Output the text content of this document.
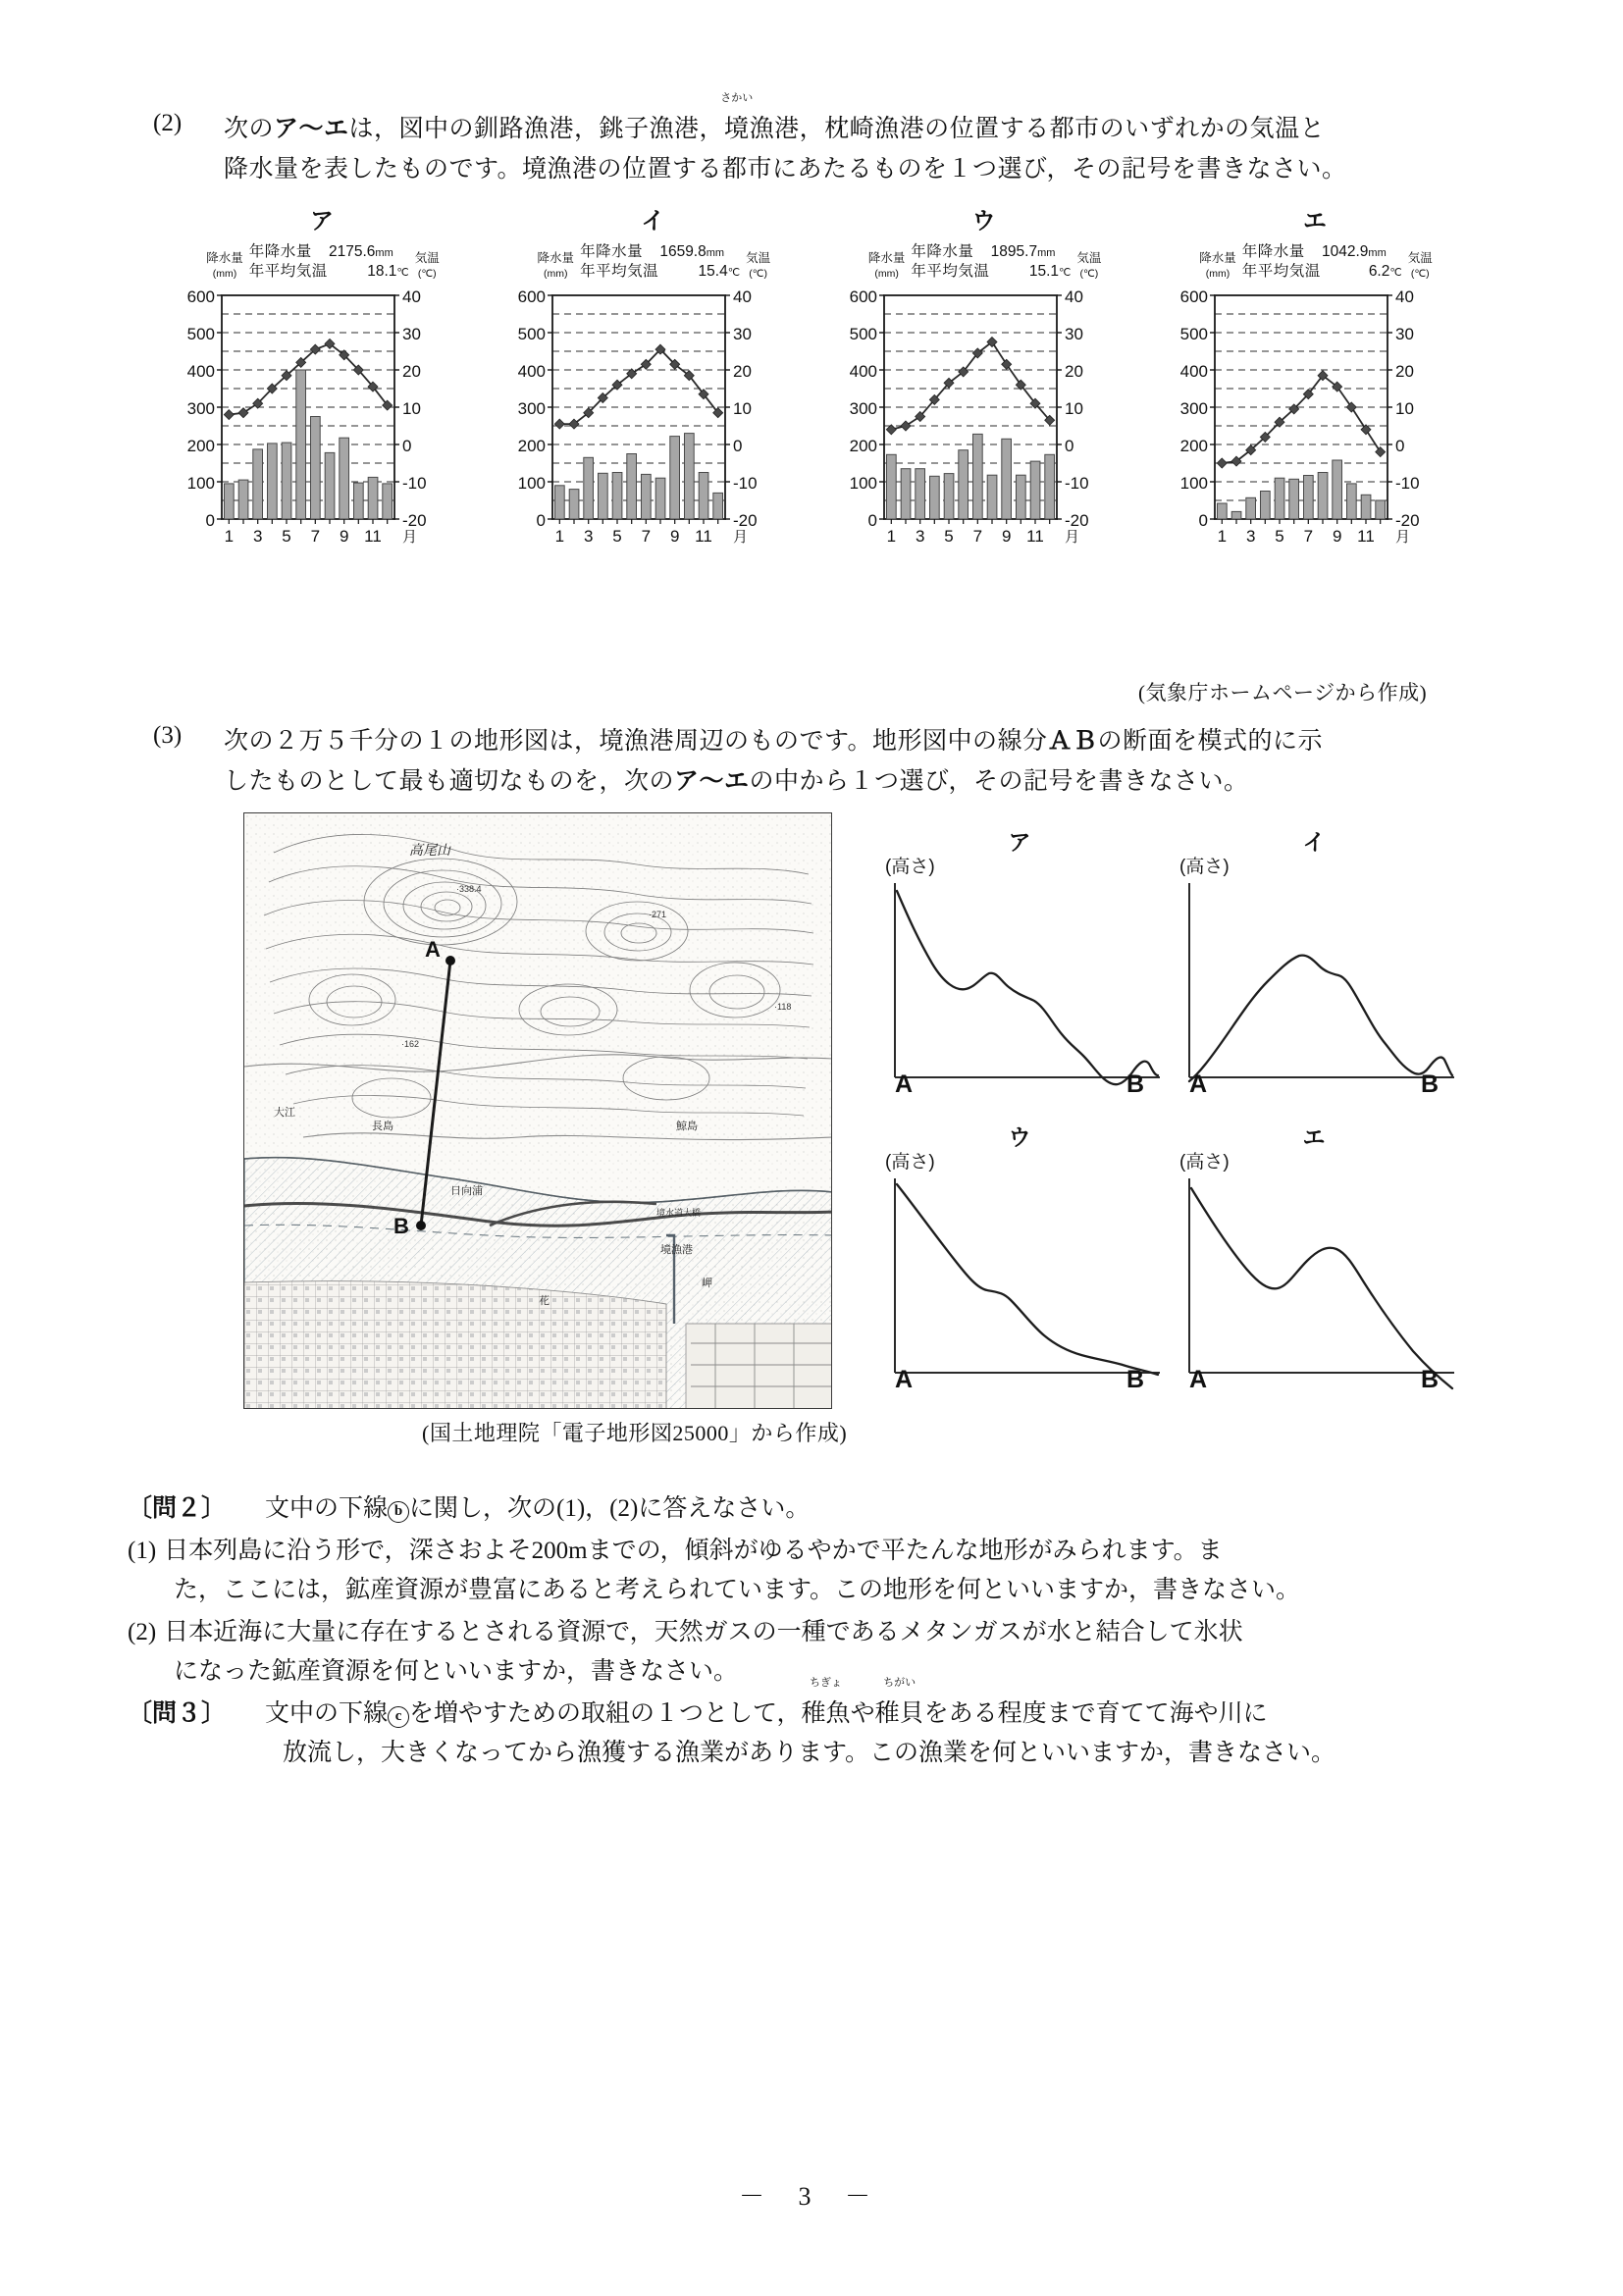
(2) 次のア～エは，図中の釧路漁港，銚子漁港，
さかい
境漁港，枕崎漁港の位置する都市のいずれかの気温と

降水量を表したものです。境漁港の位置する都市にあたるものを１つ選び，その記号を書きなさい。

ア
降水量
(mm)
年降水量	2175.6mm
年平均気温	18.1℃
気温
(℃)
600
500
400
300
200
100
0
40
30
20
10
0
-10
-20
1 3 5 7 9 11 月
イ
降水量
(mm)
年降水量	1659.8mm
年平均気温	15.4℃
気温
(℃)
600
500
400
300
200
100
0
40
30
20
10
0
-10
-20
1 3 5 7 9 11 月
ウ
降水量
(mm)
年降水量	1895.7mm
年平均気温	15.1℃
気温
(℃)
600
500
400
300
200
100
0
40
30
20
10
0
-10
-20
1 3 5 7 9 11 月
エ
降水量
(mm)
年降水量	1042.9mm
年平均気温	6.2℃
気温
(℃)
600
500
400
300
200
100
0
40
30
20
10
0
-10
-20
1 3 5 7 9 11 月
(気象庁ホームページから作成)
(3) 次の２万５千分の１の地形図は，境漁港周辺のものです。地形図中の線分ＡＢの断面を模式的に示

したものとして最も適切なものを，次のア～エの中から１つ選び，その記号を書きなさい。

·338.4
·271
·118
·162
高尾山
大江
長島
日向浦
鯨島
境水道大橋
境漁港
花
岬
A
B
(国土地理院「電子地形図25000」から作成)
ア
(高さ)
A	B
イ
(高さ)
A	B
ウ
(高さ)
A	B
エ
(高さ)
A	B
〔問２〕 文中の下線 b に関し，次の(1)，(2)に答えなさい。
(1) 日本列島に沿う形で，深さおよそ200mまでの，傾斜がゆるやかで平たんな地形がみられます。ま
た，ここには，鉱産資源が豊富にあると考えられています。この地形を何といいますか，書きなさい。
(2) 日本近海に大量に存在するとされる資源で，天然ガスの一種であるメタンガスが水と結合して氷状
になった鉱産資源を何といいますか，書きなさい。
〔問３〕 文中の下線 c を増やすための取組の１つとして，
ちぎょ
稚魚や
ちがい
稚貝をある程度まで育てて海や川に
放流し，大きくなってから漁獲する漁業があります。この漁業を何といいますか，書きなさい。
－ 3 －
